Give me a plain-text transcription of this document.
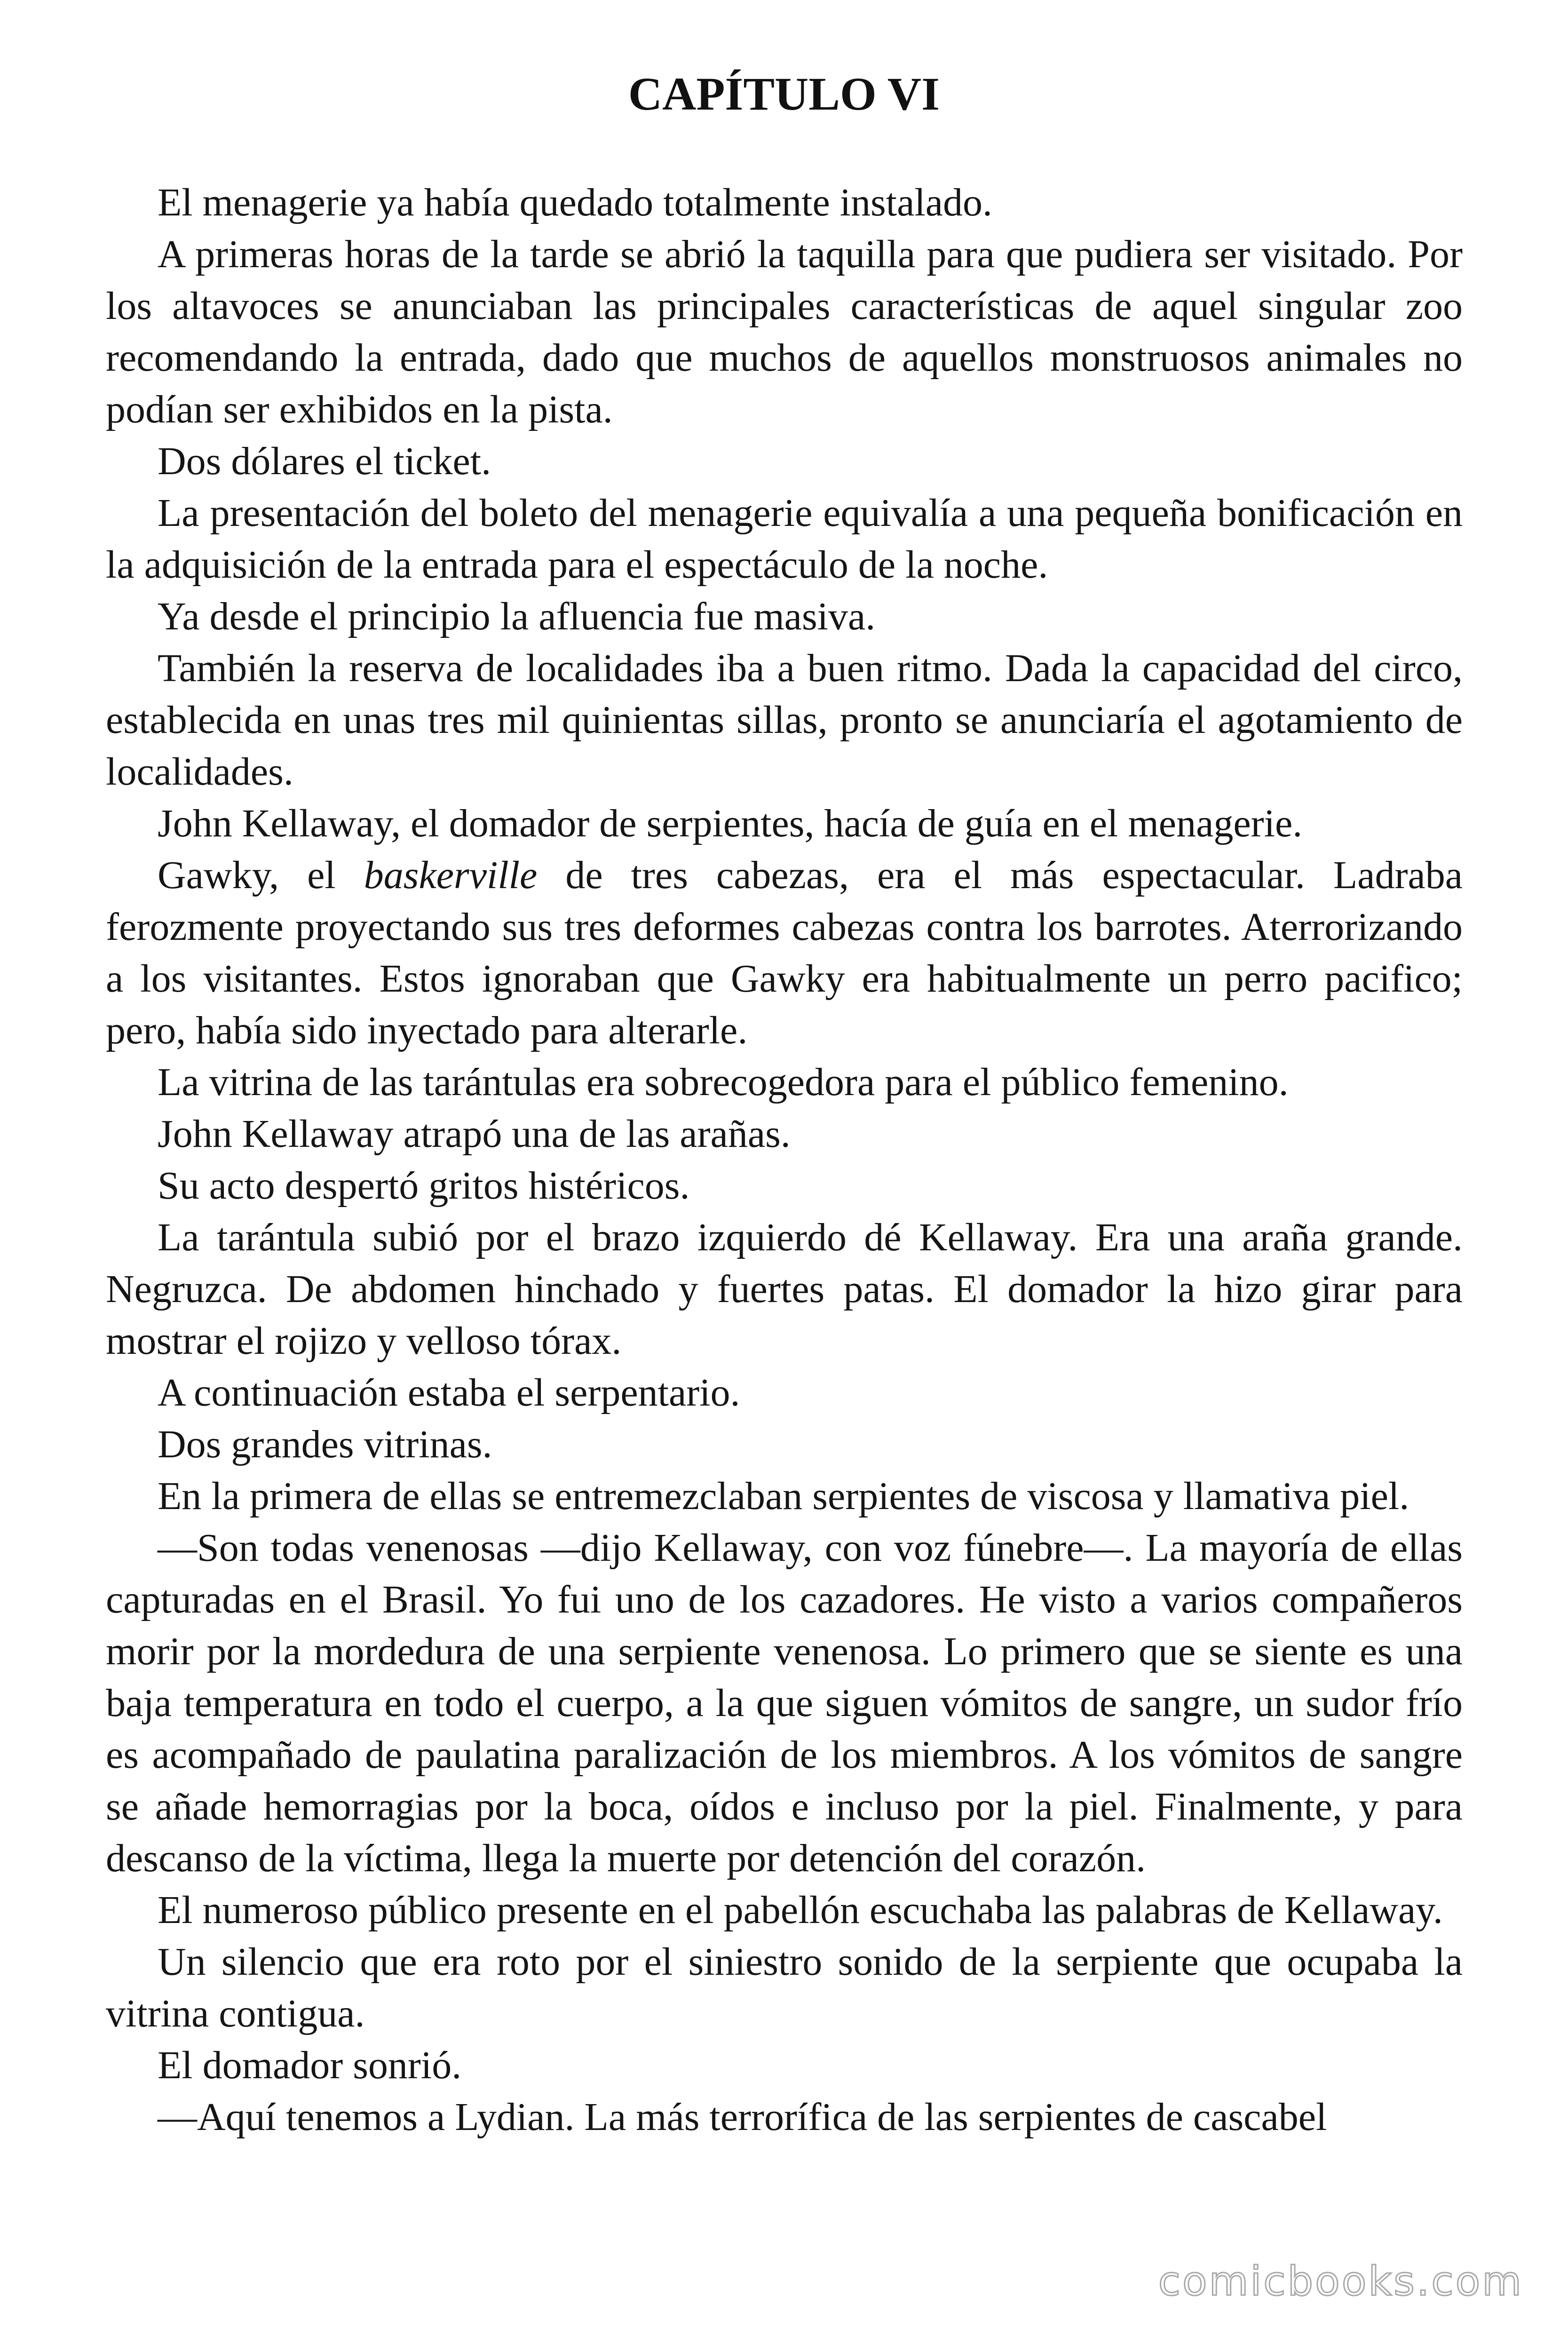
CAPÍTULO VI

El menagerie ya había quedado totalmente instalado.

A primeras horas de la tarde se abrió la taquilla para que pudiera ser visitado. Por los altavoces se anunciaban las principales características de aquel singular zoo recomendando la entrada, dado que muchos de aquellos monstruosos animales no podían ser exhibidos en la pista.

Dos dólares el ticket.

La presentación del boleto del menagerie equivalía a una pequeña bonificación en la adquisición de la entrada para el espectáculo de la noche.

Ya desde el principio la afluencia fue masiva.

También la reserva de localidades iba a buen ritmo. Dada la capacidad del circo, establecida en unas tres mil quinientas sillas, pronto se anunciaría el agotamiento de localidades.

John Kellaway, el domador de serpientes, hacía de guía en el menagerie.

Gawky, el baskerville de tres cabezas, era el más espectacular. Ladraba ferozmente proyectando sus tres deformes cabezas contra los barrotes. Aterrorizando a los visitantes. Estos ignoraban que Gawky era habitualmente un perro pacifico; pero, había sido inyectado para alterarle.

La vitrina de las tarántulas era sobrecogedora para el público femenino.

John Kellaway atrapó una de las arañas.

Su acto despertó gritos histéricos.

La tarántula subió por el brazo izquierdo dé Kellaway. Era una araña grande. Negruzca. De abdomen hinchado y fuertes patas. El domador la hizo girar para mostrar el rojizo y velloso tórax.

A continuación estaba el serpentario.

Dos grandes vitrinas.

En la primera de ellas se entremezclaban serpientes de viscosa y llamativa piel.

—Son todas venenosas —dijo Kellaway, con voz fúnebre—. La mayoría de ellas capturadas en el Brasil. Yo fui uno de los cazadores. He visto a varios compañeros morir por la mordedura de una serpiente venenosa. Lo primero que se siente es una baja temperatura en todo el cuerpo, a la que siguen vómitos de sangre, un sudor frío es acompañado de paulatina paralización de los miembros. A los vómitos de sangre se añade hemorragias por la boca, oídos e incluso por la piel. Finalmente, y para descanso de la víctima, llega la muerte por detención del corazón.

El numeroso público presente en el pabellón escuchaba las palabras de Kellaway.

Un silencio que era roto por el siniestro sonido de la serpiente que ocupaba la vitrina contigua.

El domador sonrió.

—Aquí tenemos a Lydian. La más terrorífica de las serpientes de cascabel

comicbooks.com
